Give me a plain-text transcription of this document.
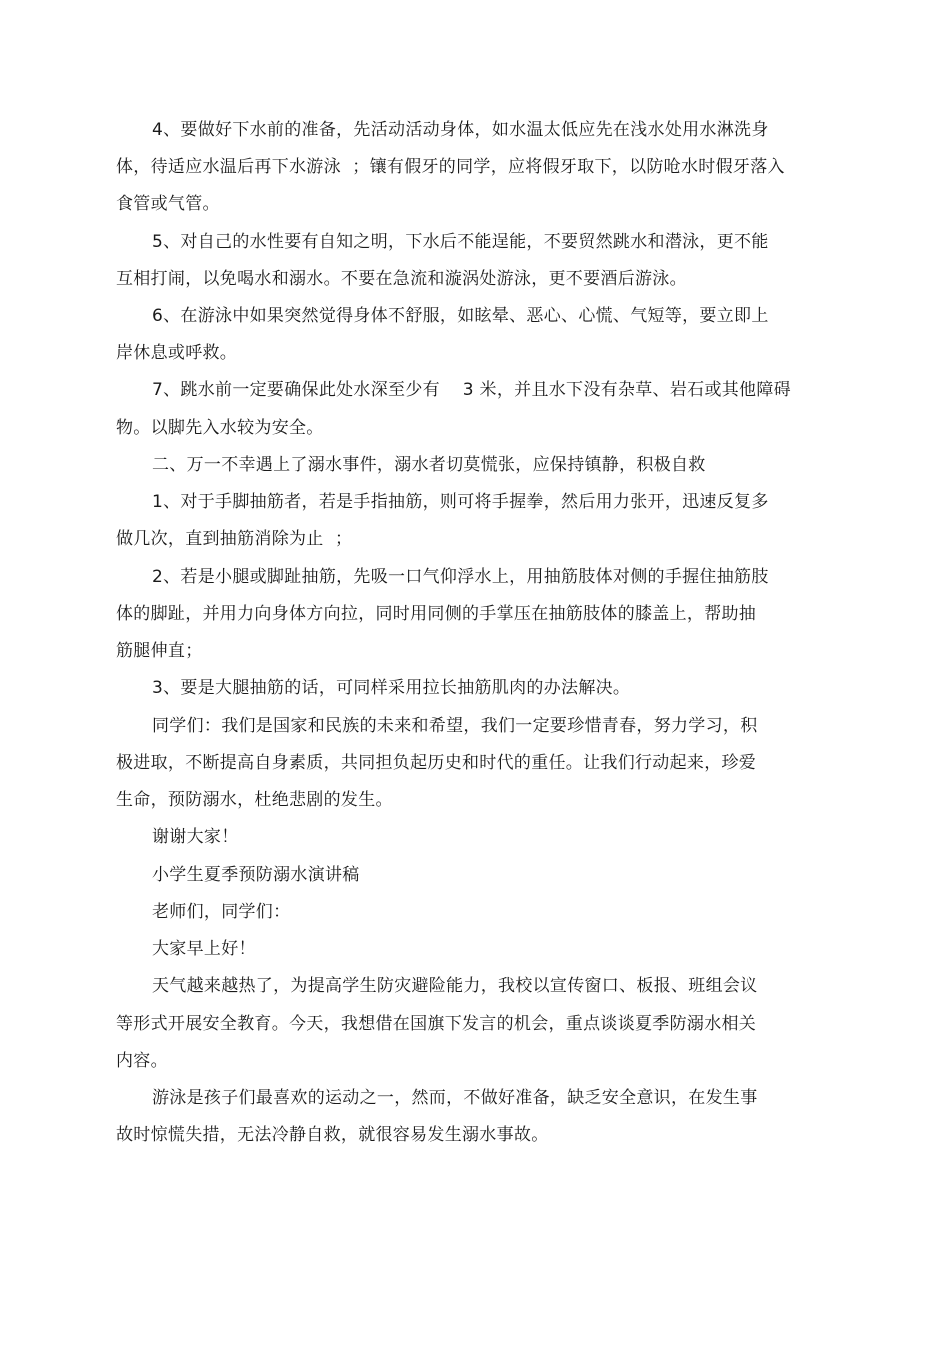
4、要做好下水前的准备，先活动活动身体，如水温太低应先在浅水处用水淋洗身
体，待适应水温后再下水游泳  ；镶有假牙的同学，应将假牙取下，以防呛水时假牙落入
食管或气管。
5、对自己的水性要有自知之明，下水后不能逞能，不要贸然跳水和潜泳，更不能
互相打闹，以免喝水和溺水。不要在急流和漩涡处游泳，更不要酒后游泳。
6、在游泳中如果突然觉得身体不舒服，如眩晕、恶心、心慌、气短等，要立即上
岸休息或呼救。
7、跳水前一定要确保此处水深至少有    3 米，并且水下没有杂草、岩石或其他障碍
物。以脚先入水较为安全。
二、万一不幸遇上了溺水事件，溺水者切莫慌张，应保持镇静，积极自救
1、对于手脚抽筋者，若是手指抽筋，则可将手握拳，然后用力张开，迅速反复多
做几次，直到抽筋消除为止  ；
2、若是小腿或脚趾抽筋，先吸一口气仰浮水上，用抽筋肢体对侧的手握住抽筋肢
体的脚趾，并用力向身体方向拉，同时用同侧的手掌压在抽筋肢体的膝盖上，帮助抽
筋腿伸直；
3、要是大腿抽筋的话，可同样采用拉长抽筋肌肉的办法解决。
同学们：我们是国家和民族的未来和希望，我们一定要珍惜青春，努力学习，积
极进取，不断提高自身素质，共同担负起历史和时代的重任。让我们行动起来，珍爱
生命，预防溺水，杜绝悲剧的发生。
谢谢大家！
小学生夏季预防溺水演讲稿
老师们，同学们：
大家早上好！
天气越来越热了，为提高学生防灾避险能力，我校以宣传窗口、板报、班组会议
等形式开展安全教育。今天，我想借在国旗下发言的机会，重点谈谈夏季防溺水相关
内容。
游泳是孩子们最喜欢的运动之一，然而，不做好准备，缺乏安全意识，在发生事
故时惊慌失措，无法冷静自救，就很容易发生溺水事故。
